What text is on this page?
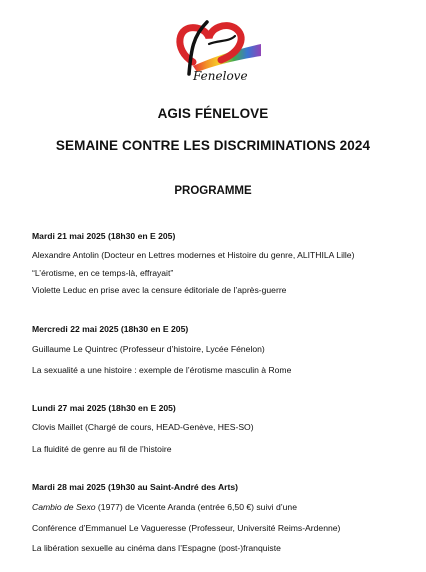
Fenelove
AGIS FÉNELOVE
SEMAINE CONTRE LES DISCRIMINATIONS 2024
PROGRAMME
Mardi 21 mai 2025 (18h30 en E 205)
Alexandre Antolin (Docteur en Lettres modernes et Histoire du genre, ALITHILA Lille)
“L’érotisme, en ce temps-là, effrayait”
Violette Leduc en prise avec la censure éditoriale de l’après-guerre
Mercredi 22 mai 2025 (18h30 en E 205)
Guillaume Le Quintrec (Professeur d’histoire, Lycée Fénelon)
La sexualité a une histoire : exemple de l’érotisme masculin à Rome
Lundi 27 mai 2025 (18h30 en E 205)
Clovis Maillet (Chargé de cours, HEAD-Genève, HES-SO)
La fluidité de genre au fil de l’histoire
Mardi 28 mai 2025 (19h30 au Saint-André des Arts)
Cambio de Sexo (1977) de Vicente Aranda (entrée 6,50 €) suivi d’une
Conférence d’Emmanuel Le Vagueresse (Professeur, Université Reims-Ardenne)
La libération sexuelle au cinéma dans l’Espagne (post-)franquiste
